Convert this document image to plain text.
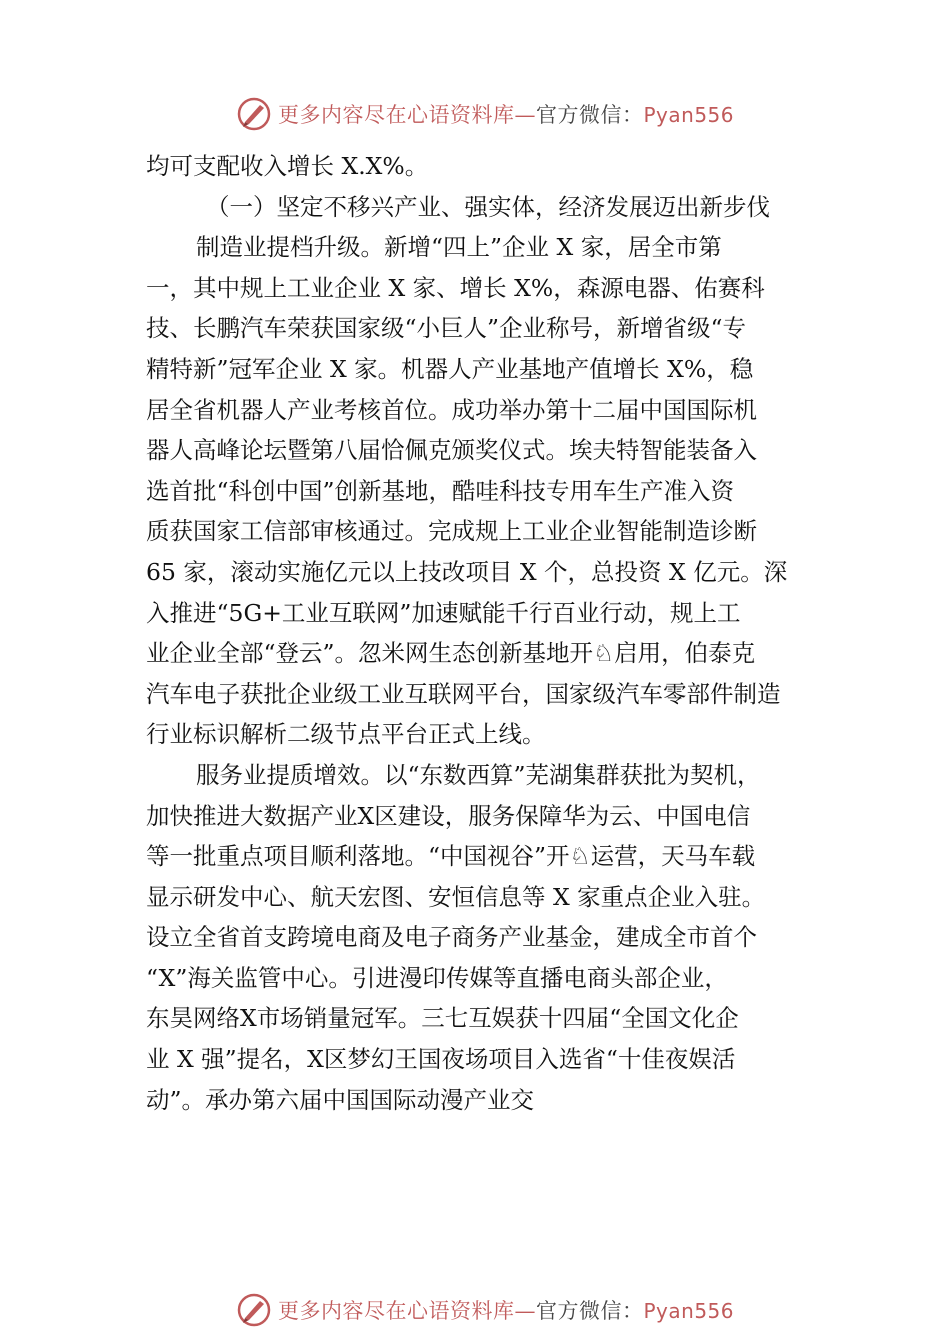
更多内容尽在心语资料库—官方微信：Pyan556
均可支配收入增长 X.X%。
（一）坚定不移兴产业、强实体，经济发展迈出新步伐
制造业提档升级。新增“四上”企业 X 家，居全市第
一，其中规上工业企业 X 家、增长 X%，森源电器、佑赛科
技、长鹏汽车荣获国家级“小巨人”企业称号，新增省级“专
精特新”冠军企业 X 家。机器人产业基地产值增长 X%，稳
居全省机器人产业考核首位。成功举办第十二届中国国际机
器人高峰论坛暨第八届恰佩克颁奖仪式。埃夫特智能装备入
选首批“科创中国”创新基地，酷哇科技专用车生产准入资
质获国家工信部审核通过。完成规上工业企业智能制造诊断
65 家，滚动实施亿元以上技改项目 X 个，总投资 X 亿元。深
入推进“5G+工业互联网”加速赋能千行百业行动，规上工
业企业全部“登云”。忽米网生态创新基地开♘启用，伯泰克
汽车电子获批企业级工业互联网平台，国家级汽车零部件制造
行业标识解析二级节点平台正式上线。
服务业提质增效。以“东数西算”芜湖集群获批为契机，
加快推进大数据产业Ⅹ区建设，服务保障华为云、中国电信
等一批重点项目顺利落地。“中国视谷”开♘运营，天马车载
显示研发中心、航天宏图、安恒信息等 X 家重点企业入驻。
设立全省首支跨境电商及电子商务产业基金，建成全市首个
“X”海关监管中心。引进漫印传媒等直播电商头部企业，
东昊网络Ⅹ市场销量冠军。三七互娱获十四届“全国文化企
业 X 强”提名，Ⅹ区梦幻王国夜场项目入选省“十佳夜娱活
动”。承办第六届中国国际动漫产业交
更多内容尽在心语资料库—官方微信：Pyan556
